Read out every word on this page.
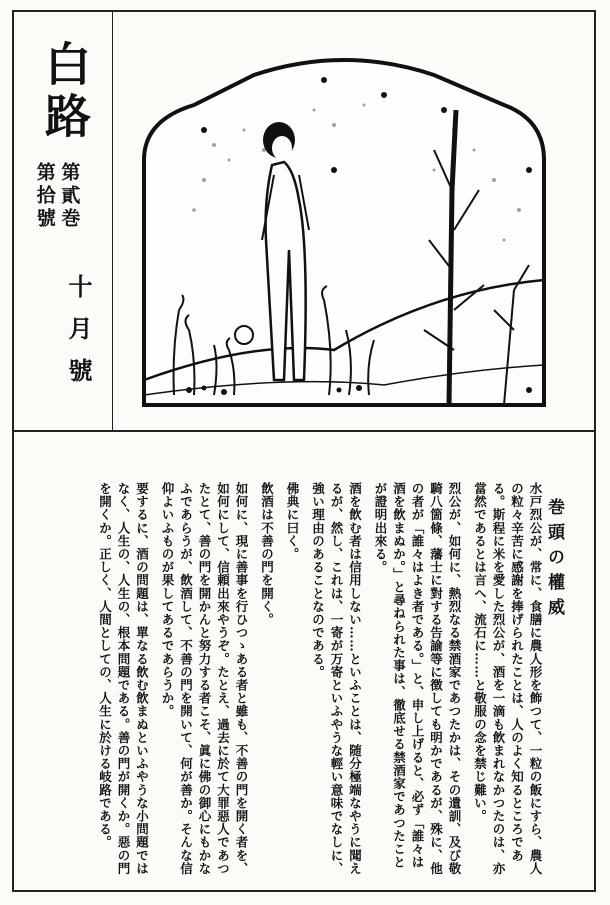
白路
第貳巻
第拾號
十月號
巻頭の權威
水戸烈公が、常に、食膳に農人形を飾つて、一粒の飯にすら、農人の粒々辛苦に感謝を捧げられたことは、人のよく知るところである。斯程に米を愛した烈公が、酒を一滴も飲まれなかつたのは、亦當然であるとは言へ、流石に……と敬服の念を禁じ難い。
烈公が、如何に、熱烈なる禁酒家であつたかは、その遺訓、及び敬騎八箇條、藩士に對する告諭等に徴しても明かであるが、殊に、他の者が「誰々はよき者である。」と、申し上げると、必ず「誰々は酒を飲まぬか。」と尋ねられた事は、徹底せる禁酒家であつたことが證明出來る。
酒を飲む者は信用しない……といふことは、随分極端なやうに聞えるが、然し、これは、一寄が万寄といふやうな輕い意味でなしに、強い理由のあることなのである。
佛典に曰く。
飲酒は不善の門を開く。
如何に、現に善事を行ひつゝある者と雖も、不善の門を開く者を、如何にして、信頼出來やうぞ。たとえ、過去に於て大罪惡人であつたとて、善の門を開かんと努力する者こそ、眞に佛の御心にもかなふであらうが、飲酒して、不善の門を開いて、何が善か。そんな信仰よいふものが果してあるであらうか。
要するに、酒の問題は、單なる飲む飲まぬといふやうな小問題ではなく、人生の、人生の、根本問題である。善の門が開くか。惡の門を開くか。正しく、人間としての、人生に於ける岐路である。
